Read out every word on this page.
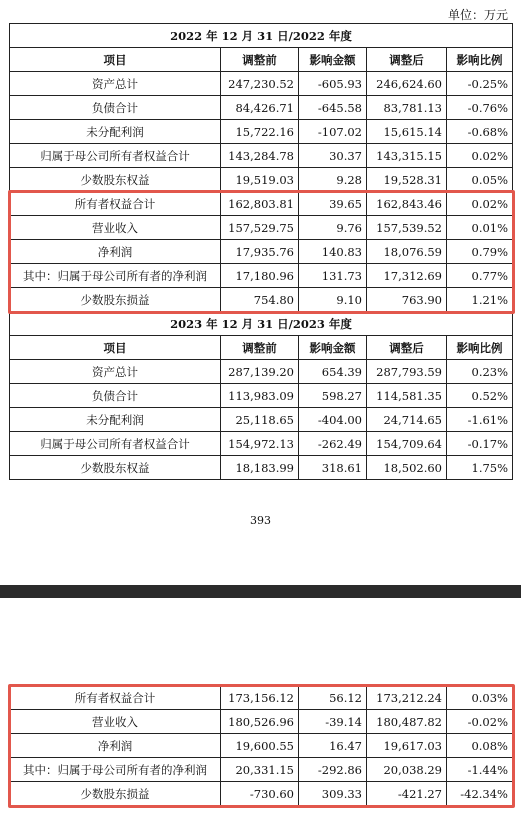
单位：万元
2022 年 12 月 31 日/2022 年度				
项目	调整前	影响金额	调整后	影响比例
资产总计	247,230.52	-605.93	246,624.60	-0.25%
负债合计	84,426.71	-645.58	83,781.13	-0.76%
未分配利润	15,722.16	-107.02	15,615.14	-0.68%
归属于母公司所有者权益合计	143,284.78	30.37	143,315.15	0.02%
少数股东权益	19,519.03	9.28	19,528.31	0.05%
所有者权益合计	162,803.81	39.65	162,843.46	0.02%
营业收入	157,529.75	9.76	157,539.52	0.01%
净利润	17,935.76	140.83	18,076.59	0.79%
其中：归属于母公司所有者的净利润	17,180.96	131.73	17,312.69	0.77%
少数股东损益	754.80	9.10	763.90	1.21%
2023 年 12 月 31 日/2023 年度				
项目	调整前	影响金额	调整后	影响比例
资产总计	287,139.20	654.39	287,793.59	0.23%
负债合计	113,983.09	598.27	114,581.35	0.52%
未分配利润	25,118.65	-404.00	24,714.65	-1.61%
归属于母公司所有者权益合计	154,972.13	-262.49	154,709.64	-0.17%
少数股东权益	18,183.99	318.61	18,502.60	1.75%
393
所有者权益合计	173,156.12	56.12	173,212.24	0.03%
营业收入	180,526.96	-39.14	180,487.82	-0.02%
净利润	19,600.55	16.47	19,617.03	0.08%
其中：归属于母公司所有者的净利润	20,331.15	-292.86	20,038.29	-1.44%
少数股东损益	-730.60	309.33	-421.27	-42.34%
